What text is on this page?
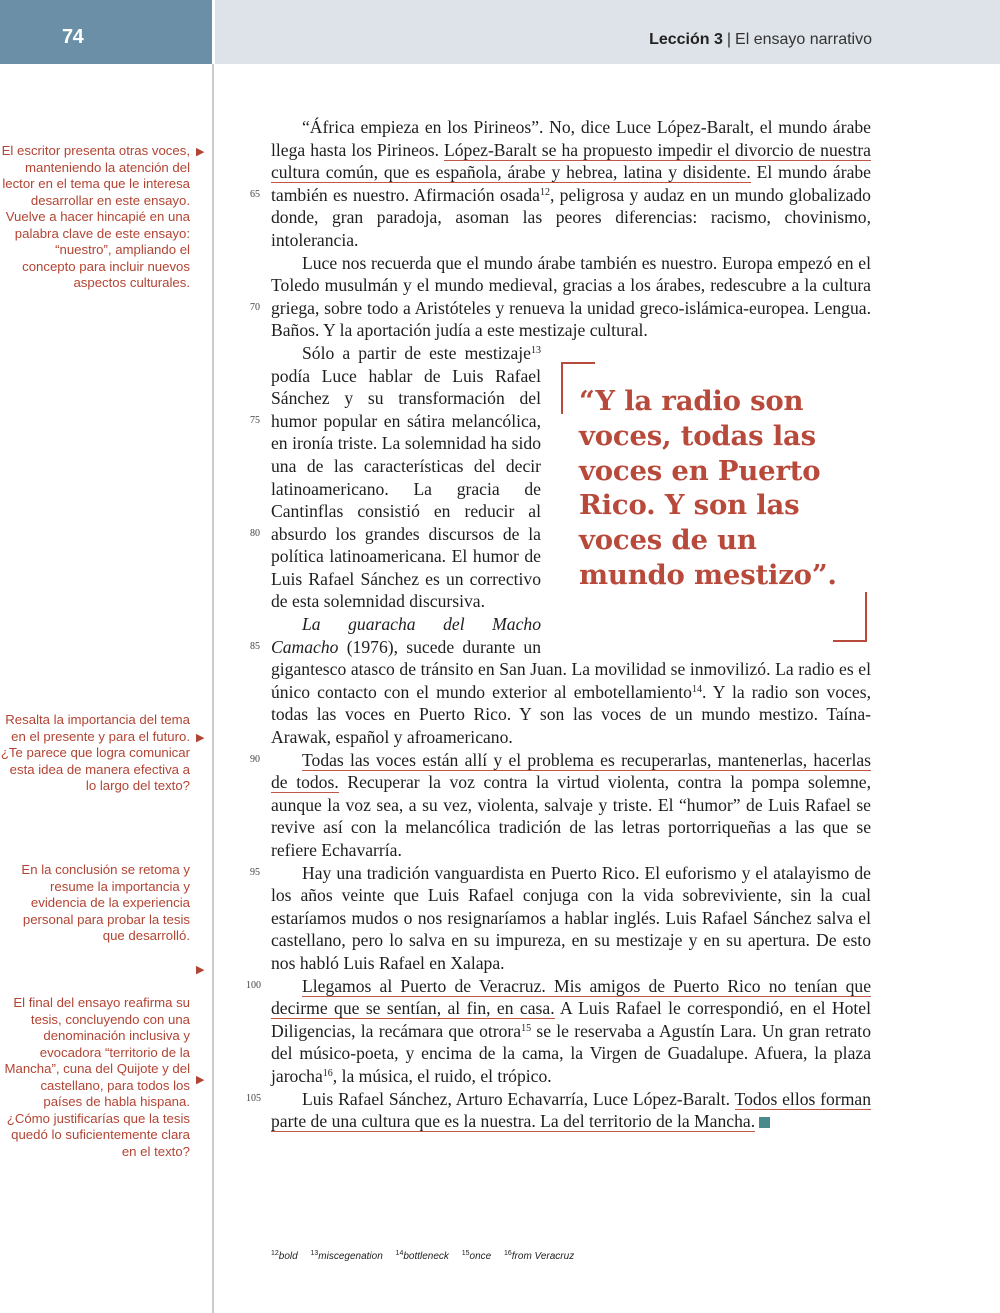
74	Lección 3 | El ensayo narrativo
El escritor presenta otras voces, manteniendo la atención del lector en el tema que le interesa desarrollar en este ensayo. Vuelve a hacer hincapié en una palabra clave de este ensayo: “nuestro”, ampliando el concepto para incluir nuevos aspectos culturales.
▶
Resalta la importancia del tema en el presente y para el futuro. ¿Te parece que logra comunicar esta idea de manera efectiva a lo largo del texto?
▶
En la conclusión se retoma y resume la importancia y evidencia de la experiencia personal para probar la tesis que desarrolló.
▶
El final del ensayo reafirma su tesis, concluyendo con una denominación inclusiva y evocadora “territorio de la Mancha”, cuna del Quijote y del castellano, para todos los países de habla hispana. ¿Cómo justificarías que la tesis quedó lo suficientemente clara en el texto?
▶
65
70
75
80
85
90
95
100
105

“África empieza en los Pirineos”. No, dice Luce López-Baralt, el mundo árabe llega hasta los Pirineos. López-Baralt se ha propuesto impedir el divorcio de nuestra cultura común, que es española, árabe y hebrea, latina y disidente. El mundo árabe también es nuestro. Afirmación osada$^{12}$, peligrosa y audaz en un mundo globalizado donde, gran paradoja, asoman las peores diferencias: racismo, chovinismo, intolerancia.

Luce nos recuerda que el mundo árabe también es nuestro. Europa empezó en el Toledo musulmán y el mundo medieval, gracias a los árabes, redescubre a la cultura griega, sobre todo a Aristóteles y renueva la unidad greco-islámica-europea. Lengua. Baños. Y la aportación judía a este mestizaje cultural.

Sólo a partir de este mestizaje$^{13}$
“Y la radio son voces, todas las voces en Puerto Rico. Y son las voces de un mundo mestizo”.
podía Luce hablar de Luis Rafael Sánchez y su transformación del humor popular en sátira melancólica, en ironía triste. La solemnidad ha sido una de las características del decir latinoamericano. La gracia de Cantinflas consistió en reducir al absurdo los grandes discursos de la política latinoamericana. El humor de Luis Rafael Sánchez es un correctivo de esta solemnidad discursiva.

La guaracha del Macho Camacho (1976), sucede durante un gigantesco atasco de tránsito en San Juan. La movilidad se inmovilizó. La radio es el único contacto con el mundo exterior al embotellamiento$^{14}$. Y la radio son voces, todas las voces en Puerto Rico. Y son las voces de un mundo mestizo. Taína-Arawak, español y afroamericano.

Todas las voces están allí y el problema es recuperarlas, mantenerlas, hacerlas de todos. Recuperar la voz contra la virtud violenta, contra la pompa solemne, aunque la voz sea, a su vez, violenta, salvaje y triste. El “humor” de Luis Rafael se revive así con la melancólica tradición de las letras portorriqueñas a las que se refiere Echavarría.

Hay una tradición vanguardista en Puerto Rico. El euforismo y el atalayismo de los años veinte que Luis Rafael conjuga con la vida sobreviviente, sin la cual estaríamos mudos o nos resignaríamos a hablar inglés. Luis Rafael Sánchez salva el castellano, pero lo salva en su impureza, en su mestizaje y en su apertura. De esto nos habló Luis Rafael en Xalapa.

Llegamos al Puerto de Veracruz. Mis amigos de Puerto Rico no tenían que decirme que se sentían, al fin, en casa. A Luis Rafael le correspondió, en el Hotel Diligencias, la recámara que otrora$^{15}$ se le reservaba a Agustín Lara. Un gran retrato del músico-poeta, y encima de la cama, la Virgen de Guadalupe. Afuera, la plaza jarocha$^{16}$, la música, el ruido, el trópico.

Luis Rafael Sánchez, Arturo Echavarría, Luce López-Baralt. Todos ellos forman parte de una cultura que es la nuestra. La del territorio de la Mancha.

$^{12}$bold $^{13}$miscegenation $^{14}$bottleneck $^{15}$once $^{16}$from Veracruz
